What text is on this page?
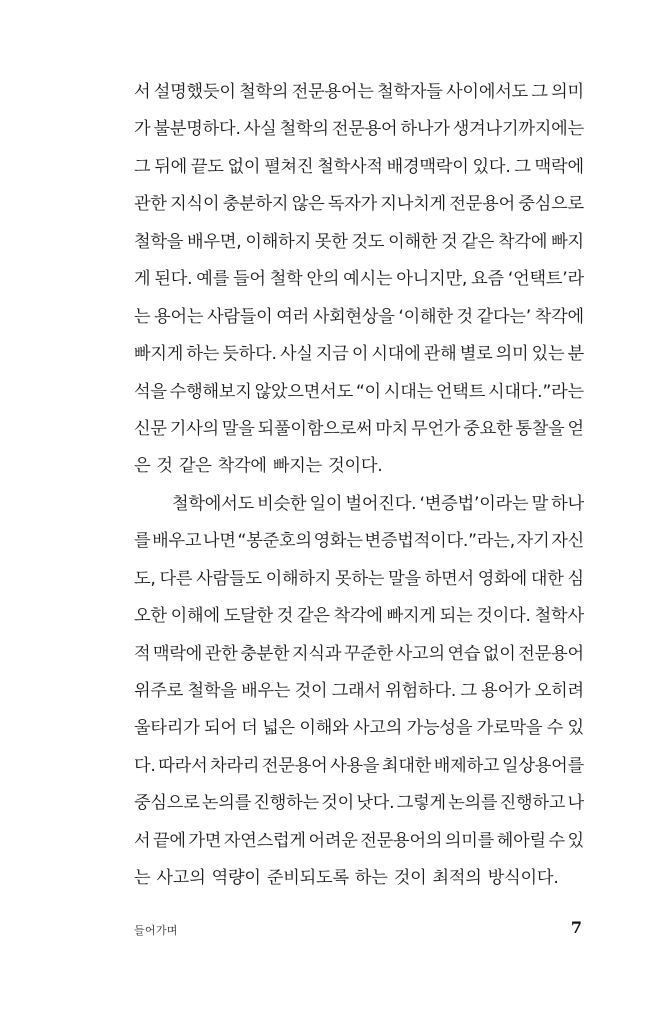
서 설명했듯이 철학의 전문용어는 철학자들 사이에서도 그 의미
가 불분명하다. 사실 철학의 전문용어 하나가 생겨나기까지에는
그 뒤에 끝도 없이 펼쳐진 철학사적 배경맥락이 있다. 그 맥락에
관한 지식이 충분하지 않은 독자가 지나치게 전문용어 중심으로
철학을 배우면, 이해하지 못한 것도 이해한 것 같은 착각에 빠지
게 된다. 예를 들어 철학 안의 예시는 아니지만, 요즘 ‘언택트’라
는 용어는 사람들이 여러 사회현상을 ‘이해한 것 같다는’ 착각에
빠지게 하는 듯하다. 사실 지금 이 시대에 관해 별로 의미 있는 분
석을 수행해보지 않았으면서도 “이 시대는 언택트 시대다.”라는
신문 기사의 말을 되풀이함으로써 마치 무언가 중요한 통찰을 얻
은 것 같은 착각에 빠지는 것이다.
철학에서도 비슷한 일이 벌어진다. ‘변증법’이라는 말 하나
를 배우고 나면 “봉준호의 영화는 변증법적이다.”라는, 자기 자신
도, 다른 사람들도 이해하지 못하는 말을 하면서 영화에 대한 심
오한 이해에 도달한 것 같은 착각에 빠지게 되는 것이다. 철학사
적 맥락에 관한 충분한 지식과 꾸준한 사고의 연습 없이 전문용어
위주로 철학을 배우는 것이 그래서 위험하다. 그 용어가 오히려
울타리가 되어 더 넓은 이해와 사고의 가능성을 가로막을 수 있
다. 따라서 차라리 전문용어 사용을 최대한 배제하고 일상용어를
중심으로 논의를 진행하는 것이 낫다. 그렇게 논의를 진행하고 나
서 끝에 가면 자연스럽게 어려운 전문용어의 의미를 헤아릴 수 있
는 사고의 역량이 준비되도록 하는 것이 최적의 방식이다.
들어가며	7
